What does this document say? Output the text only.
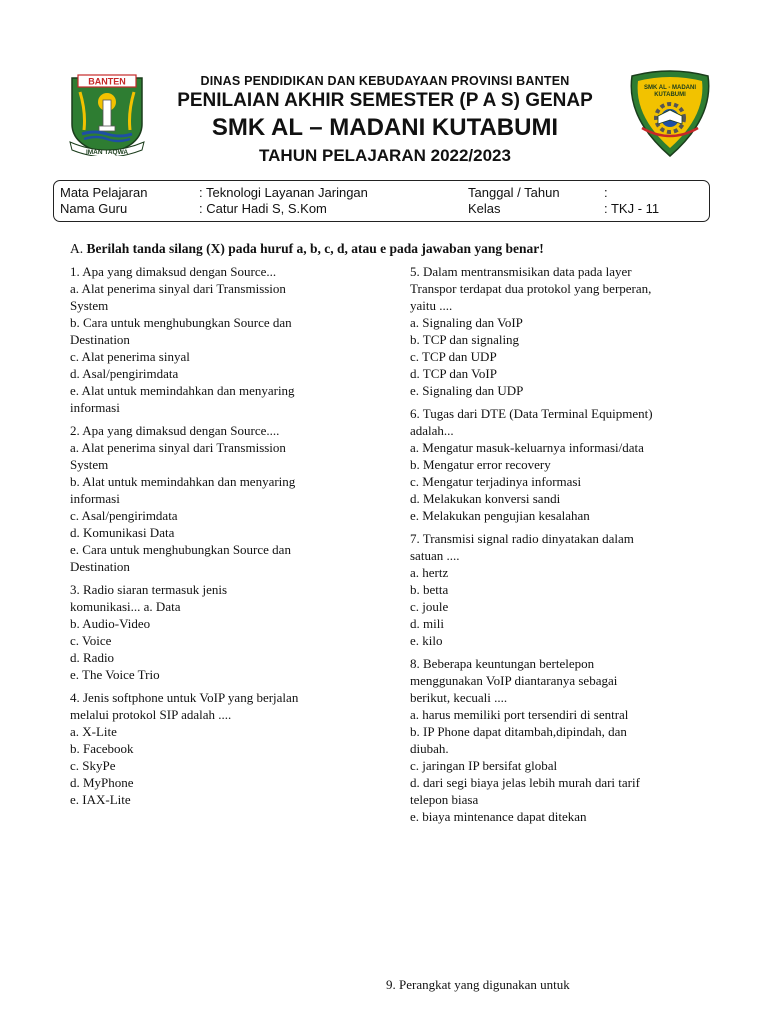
BANTEN
IMAN TAQWA
SMK AL - MADANI
KUTABUMI
DINAS PENDIDIKAN DAN KEBUDAYAAN PROVINSI BANTEN
PENILAIAN AKHIR SEMESTER (P A S) GENAP
SMK AL – MADANI KUTABUMI
TAHUN PELAJARAN 2022/2023
Mata Pelajaran	: Teknologi Layanan Jaringan	Tanggal / Tahun	:
Nama Guru	: Catur Hadi S, S.Kom	Kelas	: TKJ - 11
A. Berilah tanda silang (X) pada huruf a, b, c, d, atau e pada jawaban yang benar!
1. Apa yang dimaksud dengan Source...
a. Alat penerima sinyal dari Transmission
System
b. Cara untuk menghubungkan Source dan
Destination
c. Alat penerima sinyal
d. Asal/pengirimdata
e. Alat untuk memindahkan dan menyaring
informasi
2. Apa yang dimaksud dengan Source....
a. Alat penerima sinyal dari Transmission
System
b. Alat untuk memindahkan dan menyaring
informasi
c. Asal/pengirimdata
d. Komunikasi Data
e. Cara untuk menghubungkan Source dan
Destination
3. Radio siaran termasuk jenis
komunikasi... a. Data
b. Audio-Video
c. Voice
d. Radio
e. The Voice Trio
4. Jenis softphone untuk VoIP yang berjalan
melalui protokol SIP adalah ....
a. X-Lite
b. Facebook
c. SkyPe
d. MyPhone
e. IAX-Lite
5. Dalam mentransmisikan data pada layer
Transpor terdapat dua protokol yang berperan,
yaitu ....
a. Signaling dan VoIP
b. TCP dan signaling
c. TCP dan UDP
d. TCP dan VoIP
e. Signaling dan UDP
6. Tugas dari DTE (Data Terminal Equipment)
adalah...
a. Mengatur masuk-keluarnya informasi/data
b. Mengatur error recovery
c. Mengatur terjadinya informasi
d. Melakukan konversi sandi
e. Melakukan pengujian kesalahan
7. Transmisi signal radio dinyatakan dalam
satuan ....
a. hertz
b. betta
c. joule
d. mili
e. kilo
8. Beberapa keuntungan bertelepon
menggunakan VoIP diantaranya sebagai
berikut, kecuali ....
a. harus memiliki port tersendiri di sentral
b. IP Phone dapat ditambah,dipindah, dan
diubah.
c. jaringan IP bersifat global
d. dari segi biaya jelas lebih murah dari tarif
telepon biasa
e. biaya mintenance dapat ditekan
9. Perangkat yang digunakan untuk
